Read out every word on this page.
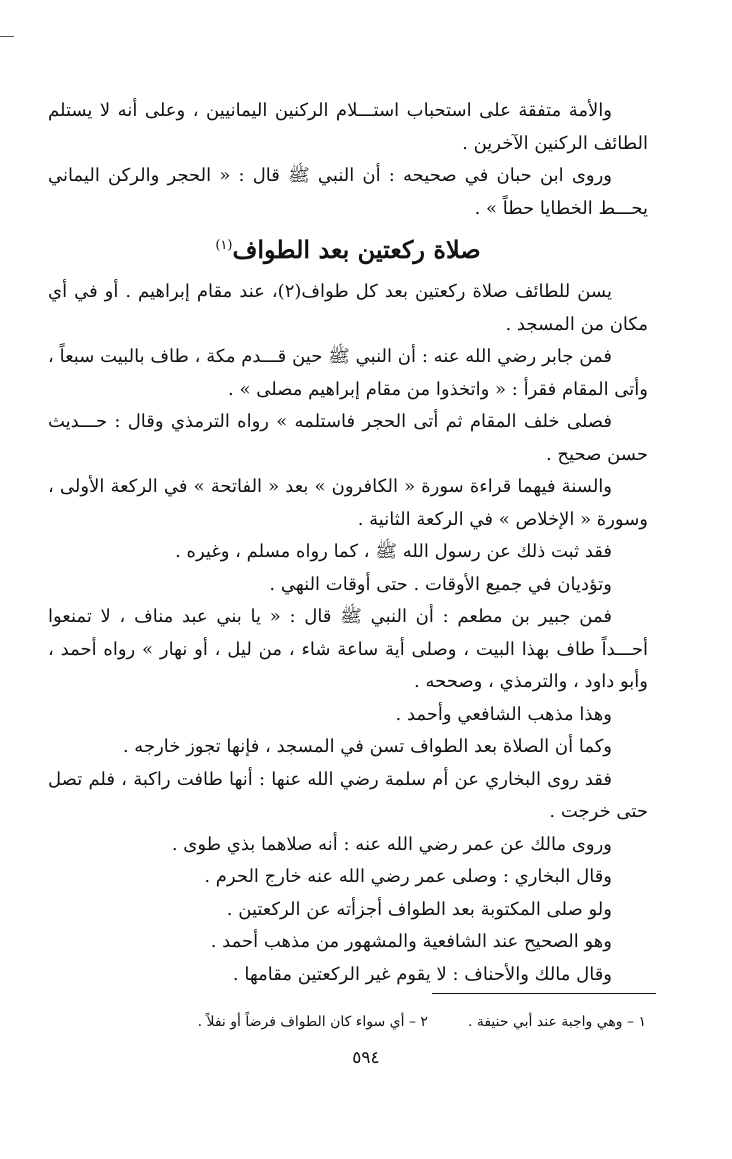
والأمة متفقة على استحباب استـــلام الركنين اليمانيين ، وعلى أنه لا يستلم الطائف الركنين الآخرين .

وروى ابن حبان في صحيحه : أن النبي ﷺ قال : « الحجر والركن اليماني يحـــط الخطايا حطاً » .

صلاة ركعتين بعد الطواف$^{(١)}$

يسن للطائف صلاة ركعتين بعد كل طواف(٢)، عند مقام إبراهيم . أو في أي مكان من المسجد .

فمن جابر رضي الله عنه : أن النبي ﷺ حين قـــدم مكة ، طاف بالبيت سبعاً ، وأتى المقام فقرأ : « واتخذوا من مقام إبراهيم مصلى » .

فصلى خلف المقام ثم أتى الحجر فاستلمه » رواه الترمذي وقال : حـــديث حسن صحيح .

والسنة فيهما قراءة سورة « الكافرون » بعد « الفاتحة » في الركعة الأولى ، وسورة « الإخلاص » في الركعة الثانية .

فقد ثبت ذلك عن رسول الله ﷺ ، كما رواه مسلم ، وغيره .

وتؤديان في جميع الأوقات . حتى أوقات النهي .

فمن جبير بن مطعم : أن النبي ﷺ قال : « يا بني عبد مناف ، لا تمنعوا أحـــداً طاف بهذا البيت ، وصلى أية ساعة شاء ، من ليل ، أو نهار » رواه أحمد ، وأبو داود ، والترمذي ، وصححه .

وهذا مذهب الشافعي وأحمد .

وكما أن الصلاة بعد الطواف تسن في المسجد ، فإنها تجوز خارجه .

فقد روى البخاري عن أم سلمة رضي الله عنها : أنها طافت راكبة ، فلم تصل حتى خرجت .

وروى مالك عن عمر رضي الله عنه : أنه صلاهما بذي طوى .

وقال البخاري : وصلى عمر رضي الله عنه خارج الحرم .

ولو صلى المكتوبة بعد الطواف أجزأته عن الركعتين .

وهو الصحيح عند الشافعية والمشهور من مذهب أحمد .

وقال مالك والأحناف : لا يقوم غير الركعتين مقامها .

١ – وهي واجبة عند أبي حنيفة .
٢ – أي سواء كان الطواف فرضاً أو نفلاً .
٥٩٤
